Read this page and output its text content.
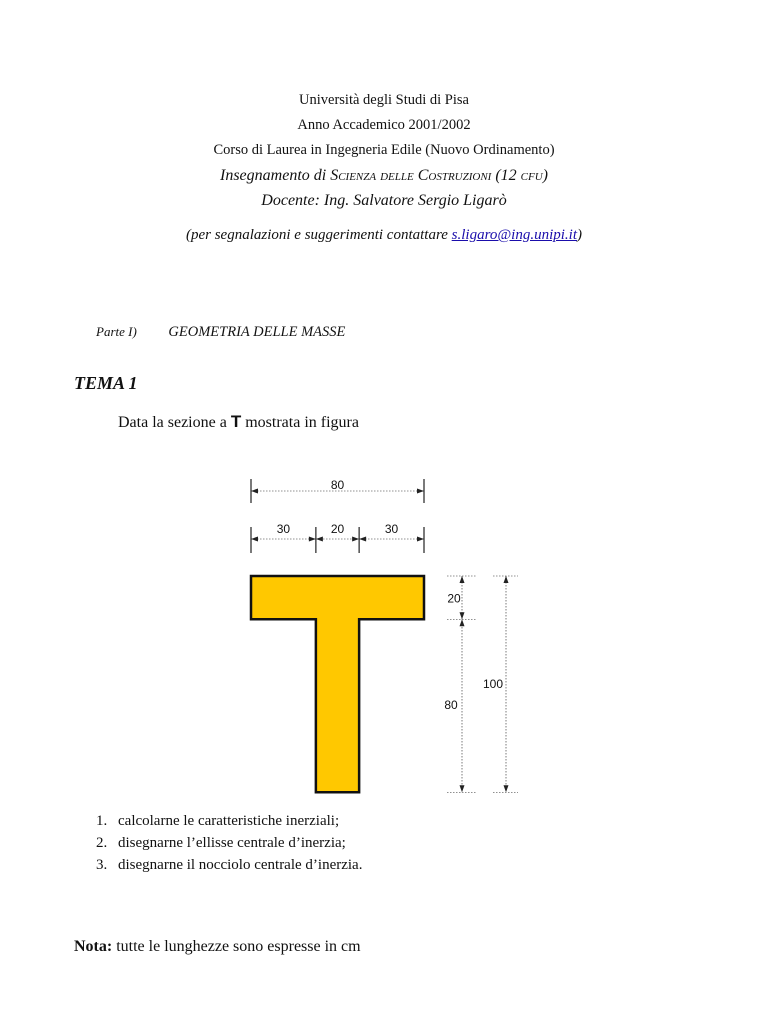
Università degli Studi di Pisa
Anno Accademico 2001/2002
Corso di Laurea in Ingegneria Edile (Nuovo Ordinamento)
Insegnamento di Scienza delle Costruzioni (12 cfu)
Docente: Ing. Salvatore Sergio Ligarò
(per segnalazioni e suggerimenti contattare s.ligaro@ing.unipi.it)
Parte I) GEOMETRIA DELLE MASSE
TEMA 1
Data la sezione a T mostrata in figura
80
30	20	30
20
80
100
1. calcolarne le caratteristiche inerziali;
2. disegnarne l’ellisse centrale d’inerzia;
3. disegnarne il nocciolo centrale d’inerzia.
Nota: tutte le lunghezze sono espresse in cm
